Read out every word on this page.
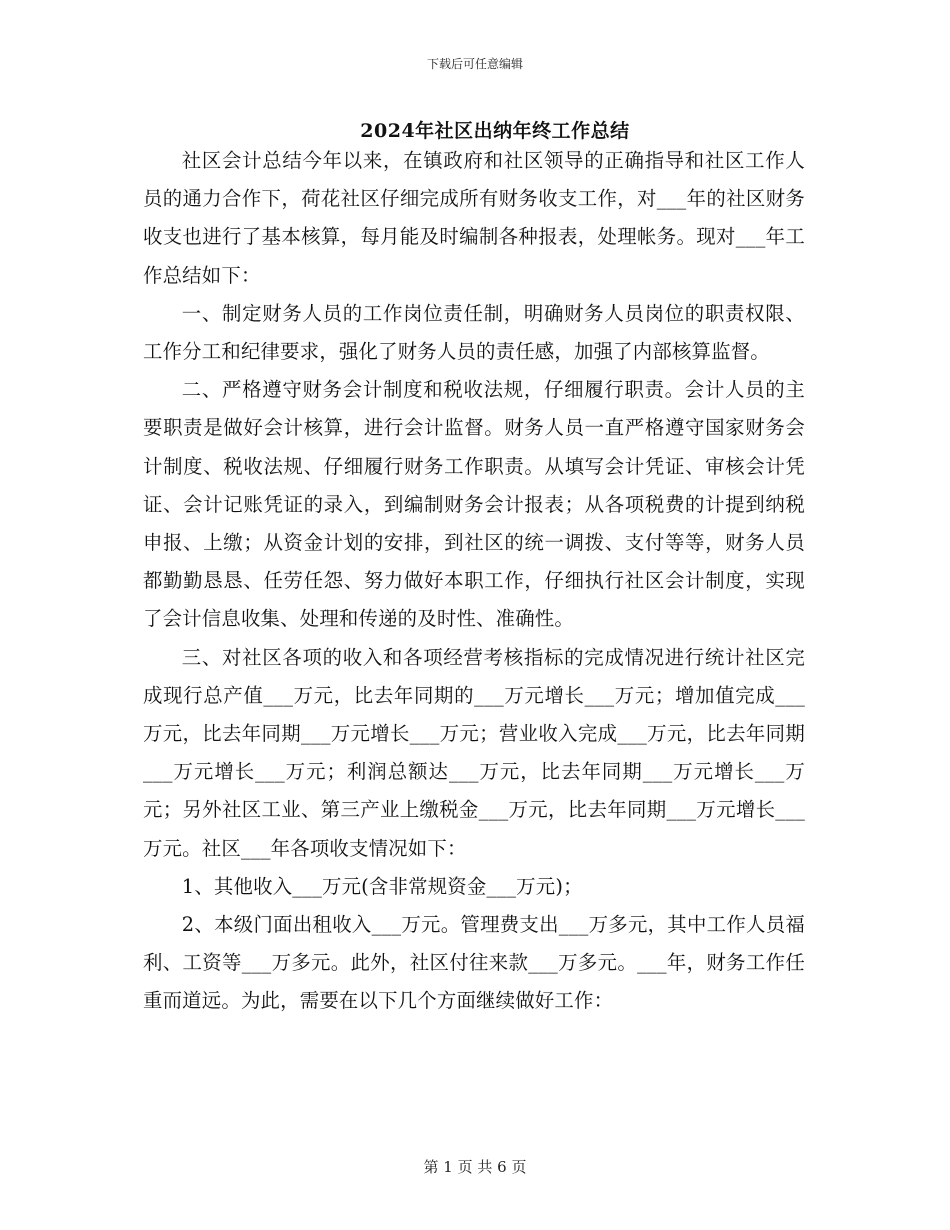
下载后可任意编辑
2024年社区出纳年终工作总结

社区会计总结今年以来，在镇政府和社区领导的正确指导和社区工作人员的通力合作下，荷花社区仔细完成所有财务收支工作，对___年的社区财务收支也进行了基本核算，每月能及时编制各种报表，处理帐务。现对___年工作总结如下：

一、制定财务人员的工作岗位责任制，明确财务人员岗位的职责权限、工作分工和纪律要求，强化了财务人员的责任感，加强了内部核算监督。

二、严格遵守财务会计制度和税收法规，仔细履行职责。会计人员的主要职责是做好会计核算，进行会计监督。财务人员一直严格遵守国家财务会计制度、税收法规、仔细履行财务工作职责。从填写会计凭证、审核会计凭证、会计记账凭证的录入，到编制财务会计报表；从各项税费的计提到纳税申报、上缴；从资金计划的安排，到社区的统一调拨、支付等等，财务人员都勤勤恳恳、任劳任怨、努力做好本职工作，仔细执行社区会计制度，实现了会计信息收集、处理和传递的及时性、准确性。

三、对社区各项的收入和各项经营考核指标的完成情况进行统计社区完成现行总产值___万元，比去年同期的___万元增长___万元；增加值完成___万元，比去年同期___万元增长___万元；营业收入完成___万元，比去年同期___万元增长___万元；利润总额达___万元，比去年同期___万元增长___万元；另外社区工业、第三产业上缴税金___万元，比去年同期___万元增长___万元。社区___年各项收支情况如下：

1、其他收入___万元(含非常规资金___万元)；

2、本级门面出租收入___万元。管理费支出___万多元，其中工作人员福利、工资等___万多元。此外，社区付往来款___万多元。___年，财务工作任重而道远。为此，需要在以下几个方面继续做好工作：

第 1 页 共 6 页
